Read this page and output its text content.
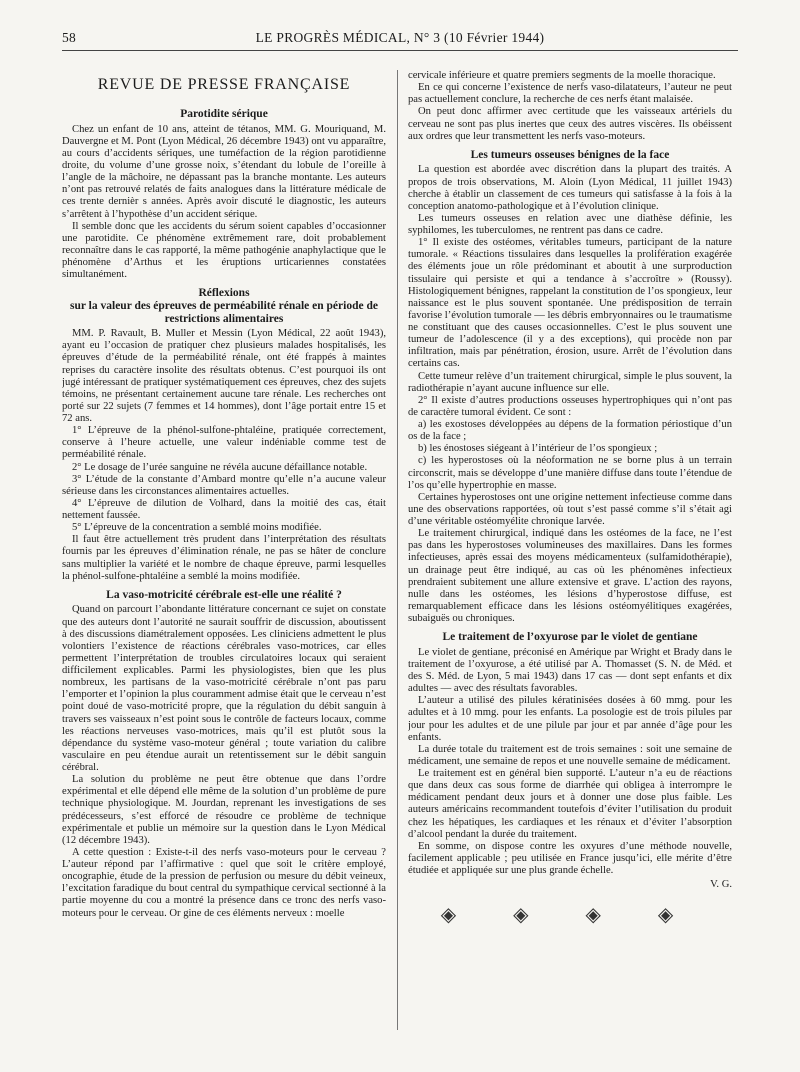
58	LE PROGRÈS MÉDICAL, N° 3 (10 Février 1944)
REVUE DE PRESSE FRANÇAISE
Parotidite sérique

Chez un enfant de 10 ans, atteint de tétanos, MM. G. Mouriquand, M. Dauvergne et M. Pont (Lyon Médical, 26 décembre 1943) ont vu apparaître, au cours d’accidents sériques, une tuméfaction de la région parotidienne droite, du volume d’une grosse noix, s’étendant du lobule de l’oreille à l’angle de la mâchoire, ne dépassant pas la branche montante. Les auteurs n’ont pas retrouvé relatés de faits analogues dans la littérature médicale de ces trente dernièr s années. Après avoir discuté le diagnostic, les auteurs s’arrêtent à l’hypothèse d’un accident sérique.

Il semble donc que les accidents du sérum soient capables d’occasionner une parotidite. Ce phénomène extrêmement rare, doit probablement reconnaître dans le cas rapporté, la même pathogénie anaphylactique que le phénomène d’Arthus et les éruptions urticariennes constatées simultanément.

Réflexions
sur la valeur des épreuves de perméabilité rénale en période de restrictions alimentaires

MM. P. Ravault, B. Muller et Messin (Lyon Médical, 22 août 1943), ayant eu l’occasion de pratiquer chez plusieurs malades hospitalisés, les épreuves d’étude de la perméabilité rénale, ont été frappés à maintes reprises du caractère insolite des résultats obtenus. C’est pourquoi ils ont jugé intéressant de pratiquer systématiquement ces épreuves, chez des sujets témoins, ne présentant certainement aucune tare rénale. Les recherches ont porté sur 22 sujets (7 femmes et 14 hommes), dont l’âge portait entre 15 et 72 ans.

1° L’épreuve de la phénol-sulfone-phtaléine, pratiquée correctement, conserve à l’heure actuelle, une valeur indéniable comme test de perméabilité rénale.

2° Le dosage de l’urée sanguine ne révéla aucune défaillance notable.

3° L’étude de la constante d’Ambard montre qu’elle n’a aucune valeur sérieuse dans les circonstances alimentaires actuelles.

4° L’épreuve de dilution de Volhard, dans la moitié des cas, était nettement faussée.

5° L’épreuve de la concentration a semblé moins modifiée.

Il faut être actuellement très prudent dans l’interprétation des résultats fournis par les épreuves d’élimination rénale, ne pas se hâter de conclure sans multiplier la variété et le nombre de chaque épreuve, parmi lesquelles la phénol-sulfone-phtaléine a semblé la moins modifiée.

La vaso-motricité cérébrale est-elle une réalité ?

Quand on parcourt l’abondante littérature concernant ce sujet on constate que des auteurs dont l’autorité ne saurait souffrir de discussion, aboutissent à des discussions diamétralement opposées. Les cliniciens admettent le plus volontiers l’existence de réactions cérébrales vaso-motrices, car elles permettent l’interprétation de troubles circulatoires locaux qui seraient difficilement explicables. Parmi les physiologistes, bien que les plus nombreux, les partisans de la vaso-motricité cérébrale n’ont pas paru l’emporter et l’opinion la plus couramment admise était que le cerveau n’est point doué de vaso-motricité propre, que la régulation du débit sanguin à travers ses vaisseaux n’est point sous le contrôle de facteurs locaux, comme les réactions nerveuses vaso-motrices, mais qu’il est plutôt sous la dépendance du système vaso-moteur général ; toute variation du calibre vasculaire en peu étendue aurait un retentissement sur le débit sanguin cérébral.

La solution du problème ne peut être obtenue que dans l’ordre expérimental et elle dépend elle même de la solution d’un problème de pure technique physiologique. M. Jourdan, reprenant les investigations de ses prédécesseurs, s’est efforcé de résoudre ce problème de technique expérimentale et publie un mémoire sur la question dans le Lyon Médical (12 décembre 1943).

A cette question : Existe-t-il des nerfs vaso-moteurs pour le cerveau ? L’auteur répond par l’affirmative : quel que soit le critère employé, oncographie, étude de la pression de perfusion ou mesure du débit veineux, l’excitation faradique du bout central du sympathique cervical sectionné à la partie moyenne du cou a montré la présence dans ce tronc des nerfs vaso-moteurs pour le cerveau. Or gine de ces éléments nerveux : moelle

cervicale inférieure et quatre premiers segments de la moelle thoracique.

En ce qui concerne l’existence de nerfs vaso-dilatateurs, l’auteur ne peut pas actuellement conclure, la recherche de ces nerfs étant malaisée.

On peut donc affirmer avec certitude que les vaisseaux artériels du cerveau ne sont pas plus inertes que ceux des autres viscères. Ils obéissent aux ordres que leur transmettent les nerfs vaso-moteurs.

Les tumeurs osseuses bénignes de la face

La question est abordée avec discrétion dans la plupart des traités. A propos de trois observations, M. Aloin (Lyon Médical, 11 juillet 1943) cherche à établir un classement de ces tumeurs qui satisfasse à la fois à la conception anatomo-pathologique et à l’évolution clinique.

Les tumeurs osseuses en relation avec une diathèse définie, les syphilomes, les tuberculomes, ne rentrent pas dans ce cadre.

1° Il existe des ostéomes, véritables tumeurs, participant de la nature tumorale. « Réactions tissulaires dans lesquelles la prolifération exagérée des éléments joue un rôle prédominant et aboutit à une surproduction tissulaire qui persiste et qui a tendance à s’accroître » (Roussy). Histologiquement bénignes, rappelant la constitution de l’os spongieux, leur naissance est le plus souvent spontanée. Une prédisposition de terrain favorise l’évolution tumorale — les débris embryonnaires ou le traumatisme ne constituant que des causes occasionnelles. C’est le plus souvent une tumeur de l’adolescence (il y a des exceptions), qui procède non par infiltration, mais par pénétration, érosion, usure. Arrêt de l’évolution dans certains cas.

Cette tumeur relève d’un traitement chirurgical, simple le plus souvent, la radiothérapie n’ayant aucune influence sur elle.

2° Il existe d’autres productions osseuses hypertrophiques qui n’ont pas de caractère tumoral évident. Ce sont :

a) les exostoses développées au dépens de la formation périostique d’un os de la face ;

b) les énostoses siégeant à l’intérieur de l’os spongieux ;

c) les hyperostoses où la néoformation ne se borne plus à un terrain circonscrit, mais se développe d’une manière diffuse dans toute l’étendue de l’os qu’elle hypertrophie en masse.

Certaines hyperostoses ont une origine nettement infectieuse comme dans une des observations rapportées, où tout s’est passé comme s’il s’était agi d’une véritable ostéomyélite chronique larvée.

Le traitement chirurgical, indiqué dans les ostéomes de la face, ne l’est pas dans les hyperostoses volumineuses des maxillaires. Dans les formes infectieuses, après essai des moyens médicamenteux (sulfamidothérapie), un drainage peut être indiqué, au cas où les phénomènes infectieux prendraient subitement une allure extensive et grave. L’action des rayons, nulle dans les ostéomes, les lésions d’hyperostose diffuse, est remarquablement efficace dans les lésions ostéomyélitiques exagérées, subaiguës ou chroniques.

Le traitement de l’oxyurose par le violet de gentiane

Le violet de gentiane, préconisé en Amérique par Wright et Brady dans le traitement de l’oxyurose, a été utilisé par A. Thomasset (S. N. de Méd. et des S. Méd. de Lyon, 5 mai 1943) dans 17 cas — dont sept enfants et dix adultes — avec des résultats favorables.

L’auteur a utilisé des pilules kératinisées dosées à 60 mmg. pour les adultes et à 10 mmg. pour les enfants. La posologie est de trois pilules par jour pour les adultes et de une pilule par jour et par année d’âge pour les enfants.

La durée totale du traitement est de trois semaines : soit une semaine de médicament, une semaine de repos et une nouvelle semaine de médicament.

Le traitement est en général bien supporté. L’auteur n’a eu de réactions que dans deux cas sous forme de diarrhée qui obligea à interrompre le médicament pendant deux jours et à donner une dose plus faible. Les auteurs américains recommandent toutefois d’éviter l’utilisation du produit chez les hépatiques, les cardiaques et les rénaux et d’éviter l’absorption d’alcool pendant la durée du traitement.

En somme, on dispose contre les oxyures d’une méthode nouvelle, facilement applicable ; peu utilisée en France jusqu’ici, elle mérite d’être étudiée et appliquée sur une plus grande échelle.

V. G.
◈ ◈ ◈ ◈
